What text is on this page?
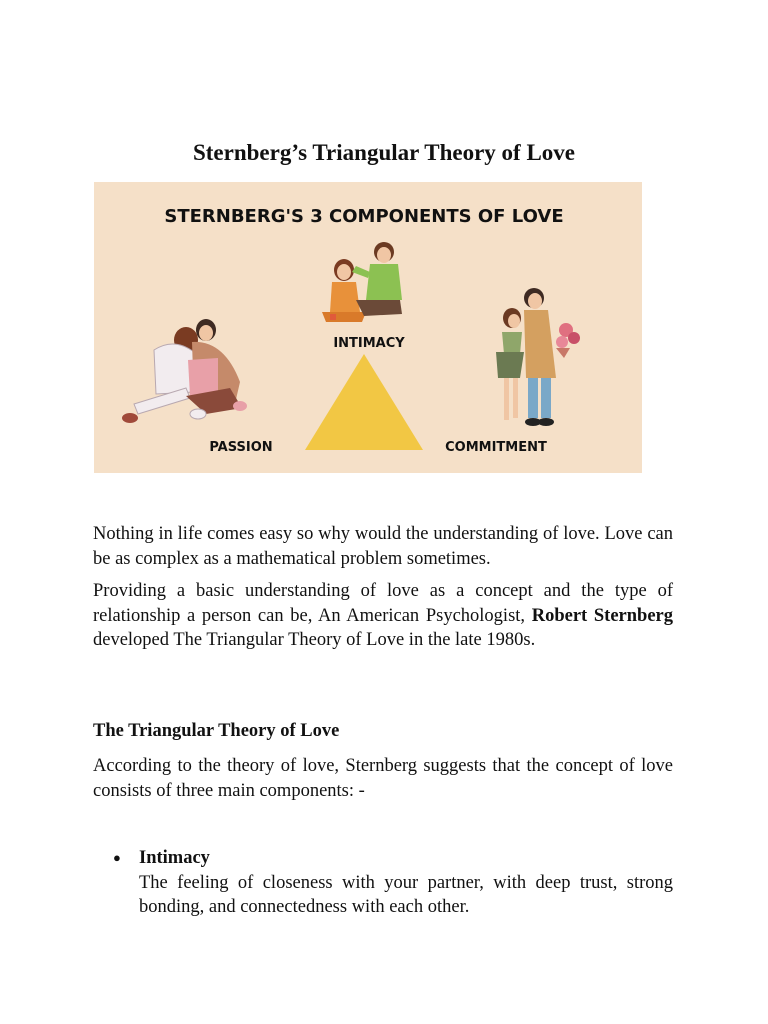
Sternberg’s Triangular Theory of Love
STERNBERG'S 3 COMPONENTS OF LOVE
INTIMACY
PASSION	COMMITMENT
Nothing in life comes easy so why would the understanding of love. Love can be as complex as a mathematical problem sometimes.
Providing a basic understanding of love as a concept and the type of relationship a person can be, An American Psychologist, Robert Sternberg developed The Triangular Theory of Love in the late 1980s.
The Triangular Theory of Love
According to the theory of love, Sternberg suggests that the concept of love consists of three main components: -
● Intimacy
The feeling of closeness with your partner, with deep trust, strong bonding, and connectedness with each other.
